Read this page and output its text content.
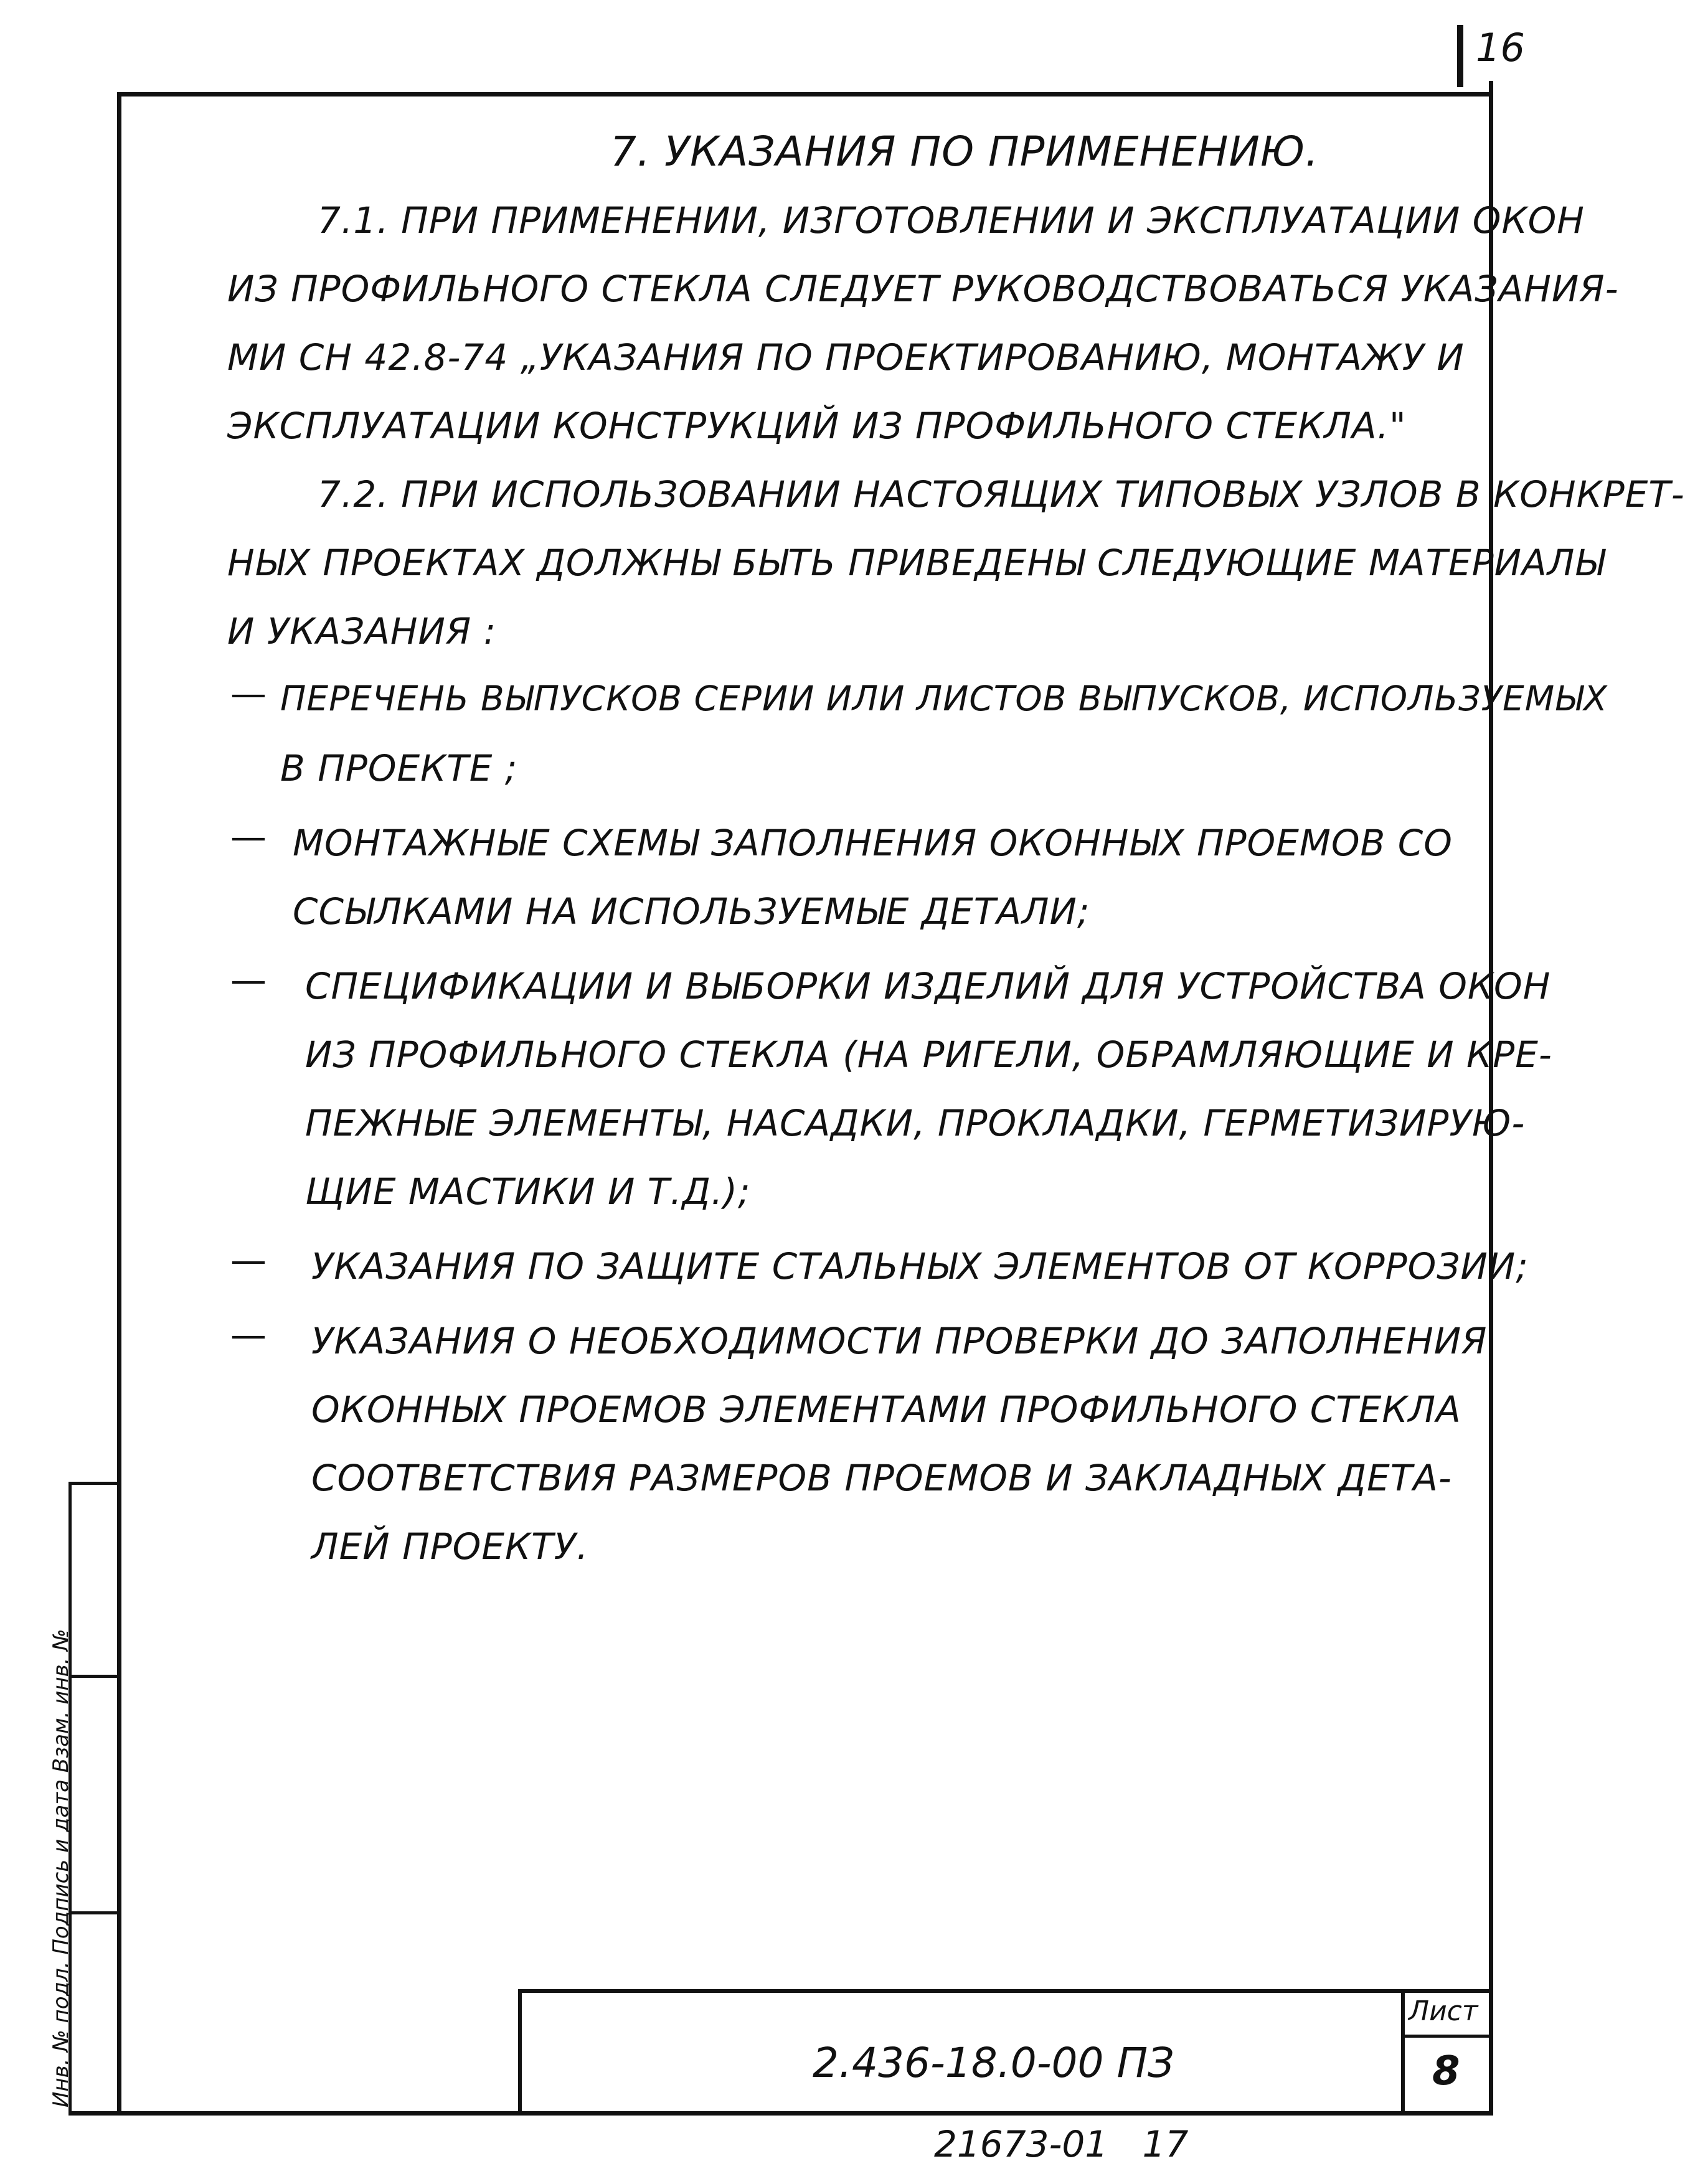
16
7. УКАЗАНИЯ ПО ПРИМЕНЕНИЮ.
7.1. ПРИ ПРИМЕНЕНИИ, ИЗГОТОВЛЕНИИ И ЭКСПЛУАТАЦИИ ОКОН
ИЗ ПРОФИЛЬНОГО СТЕКЛА СЛЕДУЕТ РУКОВОДСТВОВАТЬСЯ УКАЗАНИЯ-
МИ СН 42.8-74 „УКАЗАНИЯ ПО ПРОЕКТИРОВАНИЮ, МОНТАЖУ И
ЭКСПЛУАТАЦИИ КОНСТРУКЦИЙ ИЗ ПРОФИЛЬНОГО СТЕКЛА."
7.2. ПРИ ИСПОЛЬЗОВАНИИ НАСТОЯЩИХ ТИПОВЫХ УЗЛОВ В КОНКРЕТ-
НЫХ ПРОЕКТАХ ДОЛЖНЫ БЫТЬ ПРИВЕДЕНЫ СЛЕДУЮЩИЕ МАТЕРИАЛЫ
И УКАЗАНИЯ :
— ПЕРЕЧЕНЬ ВЫПУСКОВ СЕРИИ ИЛИ ЛИСТОВ ВЫПУСКОВ, ИСПОЛЬЗУЕМЫХ
В ПРОЕКТЕ ;
— МОНТАЖНЫЕ СХЕМЫ ЗАПОЛНЕНИЯ ОКОННЫХ ПРОЕМОВ СО
ССЫЛКАМИ НА ИСПОЛЬЗУЕМЫЕ ДЕТАЛИ;
— СПЕЦИФИКАЦИИ И ВЫБОРКИ ИЗДЕЛИЙ ДЛЯ УСТРОЙСТВА ОКОН
ИЗ ПРОФИЛЬНОГО СТЕКЛА (НА РИГЕЛИ, ОБРАМЛЯЮЩИЕ И КРЕ-
ПЕЖНЫЕ ЭЛЕМЕНТЫ, НАСАДКИ, ПРОКЛАДКИ, ГЕРМЕТИЗИРУЮ-
ЩИЕ МАСТИКИ И Т.Д.);
— УКАЗАНИЯ ПО ЗАЩИТЕ СТАЛЬНЫХ ЭЛЕМЕНТОВ ОТ КОРРОЗИИ;
— УКАЗАНИЯ О НЕОБХОДИМОСТИ ПРОВЕРКИ ДО ЗАПОЛНЕНИЯ
ОКОННЫХ ПРОЕМОВ ЭЛЕМЕНТАМИ ПРОФИЛЬНОГО СТЕКЛА
СООТВЕТСТВИЯ РАЗМЕРОВ ПРОЕМОВ И ЗАКЛАДНЫХ ДЕТА-
ЛЕЙ ПРОЕКТУ.
Инв. № подл. Подпись и дата Взам. инв. №	2.436-18.0-00 ПЗ
Лист
8
21673-01   17
